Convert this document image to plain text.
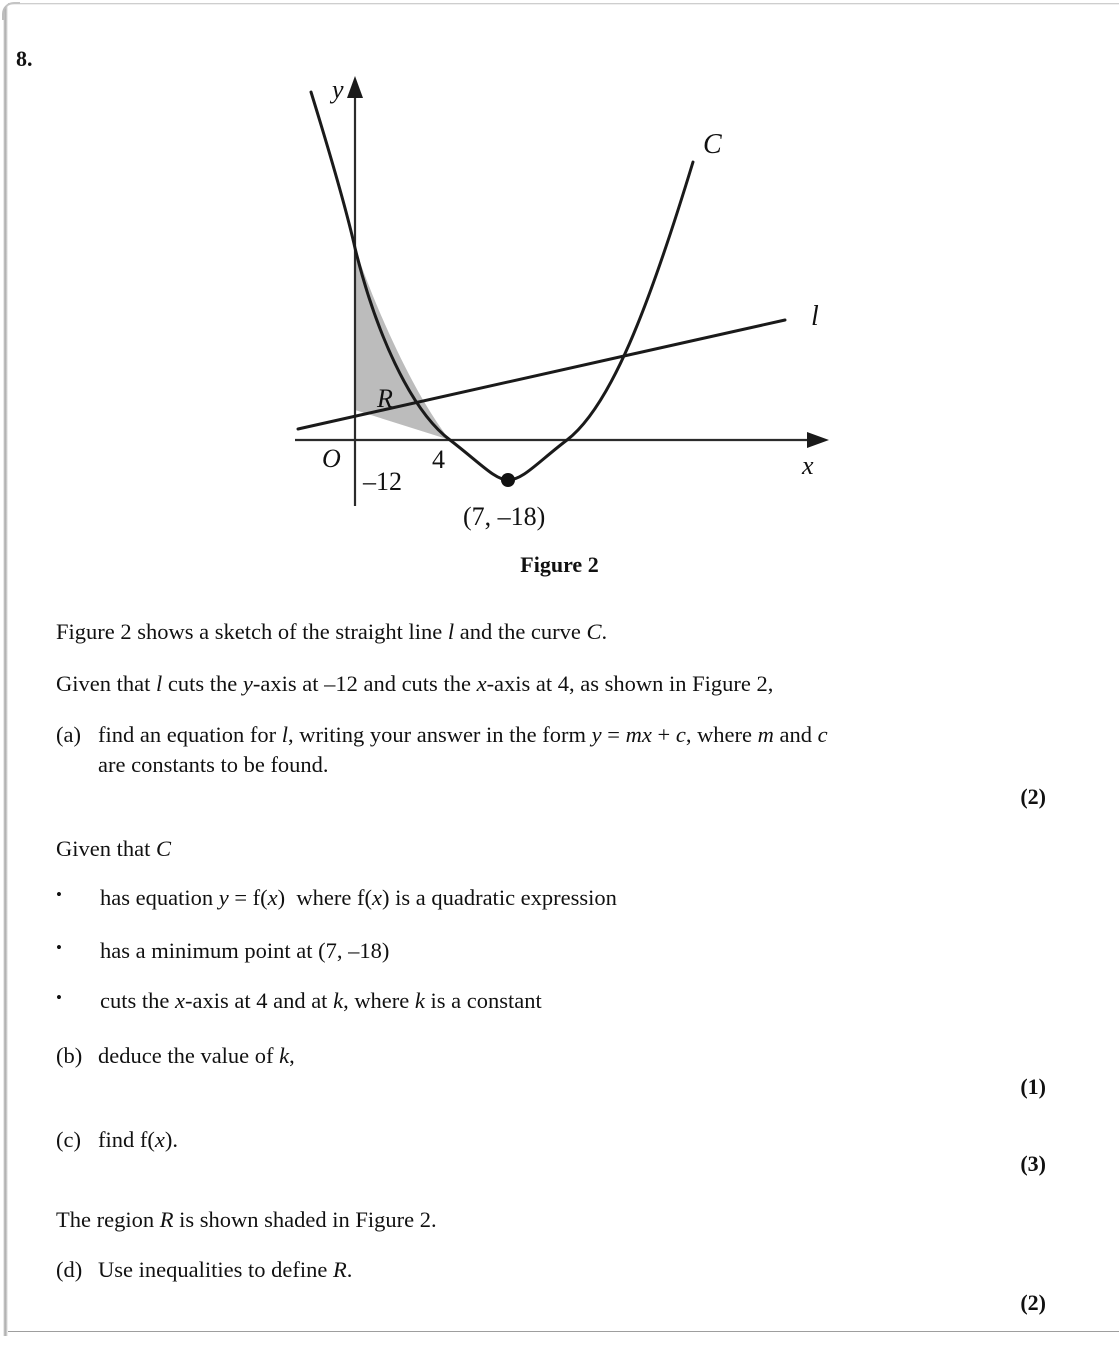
8.
y
x
C
l
R
O	4
–12
(7, –18)
Figure 2
Figure 2 shows a sketch of the straight line l and the curve C.
Given that l cuts the y-axis at –12 and cuts the x-axis at 4, as shown in Figure 2,
(a) find an equation for l, writing your answer in the form y = mx + c, where m and c
are constants to be found.
(2)
Given that C
• has equation y = f(x)  where f(x) is a quadratic expression
• has a minimum point at (7, –18)
• cuts the x-axis at 4 and at k, where k is a constant
(b) deduce the value of k,
(1)
(c) find f(x).
(3)
The region R is shown shaded in Figure 2.
(d) Use inequalities to define R.
(2)
